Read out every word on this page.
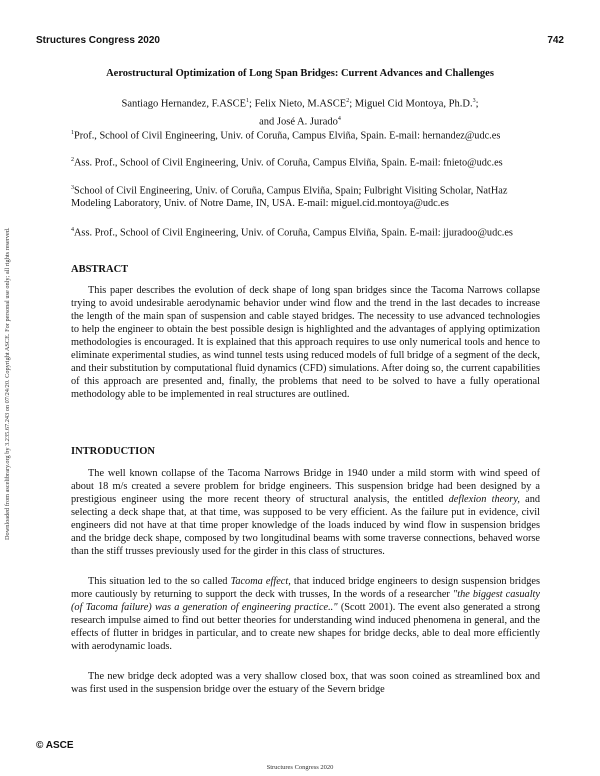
Structures Congress 2020	742
Downloaded from ascelibrary.org by 3.235.67.243 on 07/24/20. Copyright ASCE. For personal use only; all rights reserved.
Aerostructural Optimization of Long Span Bridges: Current Advances and Challenges
Santiago Hernandez, F.ASCE$^1$; Felix Nieto, M.ASCE$^2$; Miguel Cid Montoya, Ph.D.$^3$;
and José A. Jurado$^4$
$^1$Prof., School of Civil Engineering, Univ. of Coruña, Campus Elviña, Spain. E-mail: hernandez@udc.es
$^2$Ass. Prof., School of Civil Engineering, Univ. of Coruña, Campus Elviña, Spain. E-mail: fnieto@udc.es
$^3$School of Civil Engineering, Univ. of Coruña, Campus Elviña, Spain; Fulbright Visiting Scholar, NatHaz Modeling Laboratory, Univ. of Notre Dame, IN, USA. E-mail: miguel.cid.montoya@udc.es
$^4$Ass. Prof., School of Civil Engineering, Univ. of Coruña, Campus Elviña, Spain. E-mail: jjuradoo@udc.es
ABSTRACT

This paper describes the evolution of deck shape of long span bridges since the Tacoma Narrows collapse trying to avoid undesirable aerodynamic behavior under wind flow and the trend in the last decades to increase the length of the main span of suspension and cable stayed bridges. The necessity to use advanced technologies to help the engineer to obtain the best possible design is highlighted and the advantages of applying optimization methodologies is encouraged. It is explained that this approach requires to use only numerical tools and hence to eliminate experimental studies, as wind tunnel tests using reduced models of full bridge of a segment of the deck, and their substitution by computational fluid dynamics (CFD) simulations. After doing so, the current capabilities of this approach are presented and, finally, the problems that need to be solved to have a fully operational methodology able to be implemented in real structures are outlined.

INTRODUCTION

The well known collapse of the Tacoma Narrows Bridge in 1940 under a mild storm with wind speed of about 18 m/s created a severe problem for bridge engineers. This suspension bridge had been designed by a prestigious engineer using the more recent theory of structural analysis, the entitled deflexion theory, and selecting a deck shape that, at that time, was supposed to be very efficient. As the failure put in evidence, civil engineers did not have at that time proper knowledge of the loads induced by wind flow in suspension bridges and the bridge deck shape, composed by two longitudinal beams with some traverse connections, behaved worse than the stiff trusses previously used for the girder in this class of structures.

This situation led to the so called Tacoma effect, that induced bridge engineers to design suspension bridges more cautiously by returning to support the deck with trusses, In the words of a researcher "the biggest casualty (of Tacoma failure) was a generation of engineering practice.." (Scott 2001). The event also generated a strong research impulse aimed to find out better theories for understanding wind induced phenomena in general, and the effects of flutter in bridges in particular, and to create new shapes for bridge decks, able to deal more efficiently with aerodynamic loads.

The new bridge deck adopted was a very shallow closed box, that was soon coined as streamlined box and was first used in the suspension bridge over the estuary of the Severn bridge

© ASCE
Structures Congress 2020
